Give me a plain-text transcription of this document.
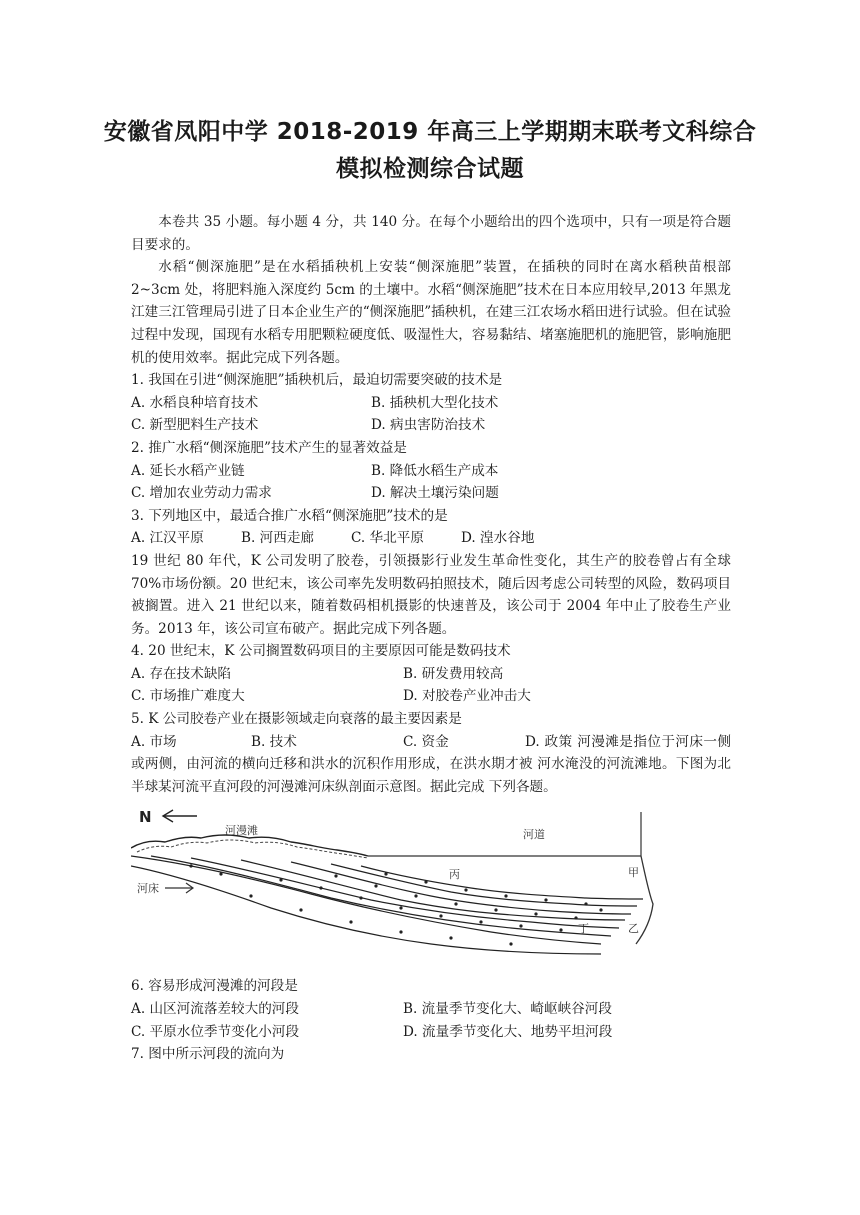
安徽省凤阳中学 2018-2019 年高三上学期期末联考文科综合
模拟检测综合试题

本卷共 35 小题。每小题 4 分，共 140 分。在每个小题给出的四个选项中，只有一项是符合题目要求的。

水稻“侧深施肥”是在水稻插秧机上安装“侧深施肥”装置，在插秧的同时在离水稻秧苗根部 2~3cm 处，将肥料施入深度约 5cm 的土壤中。水稻“侧深施肥”技术在日本应用较早,2013 年黑龙江建三江管理局引进了日本企业生产的“侧深施肥”插秧机，在建三江农场水稻田进行试验。但在试验过程中发现，国现有水稻专用肥颗粒硬度低、吸湿性大，容易黏结、堵塞施肥机的施肥管，影响施肥机的使用效率。据此完成下列各题。

1. 我国在引进“侧深施肥”插秧机后，最迫切需要突破的技术是

A. 水稻良种培育技术	B. 插秧机大型化技术
C. 新型肥料生产技术	D. 病虫害防治技术

2. 推广水稻“侧深施肥”技术产生的显著效益是

A. 延长水稻产业链	B. 降低水稻生产成本
C. 增加农业劳动力需求	D. 解决土壤污染问题

3. 下列地区中，最适合推广水稻“侧深施肥”技术的是

A. 江汉平原	B. 河西走廊	C. 华北平原	D. 湟水谷地

19 世纪 80 年代，K 公司发明了胶卷，引领摄影行业发生革命性变化，其生产的胶卷曾占有全球 70%市场份额。20 世纪末，该公司率先发明数码拍照技术，随后因考虑公司转型的风险，数码项目被搁置。进入 21 世纪以来，随着数码相机摄影的快速普及，该公司于 2004 年中止了胶卷生产业务。2013 年，该公司宣布破产。据此完成下列各题。

4. 20 世纪末，K 公司搁置数码项目的主要原因可能是数码技术

A. 存在技术缺陷	B. 研发费用较高
C. 市场推广难度大	D. 对胶卷产业冲击大

5. K 公司胶卷产业在摄影领域走向衰落的最主要因素是

A. 市场	B. 技术	C. 资金	D. 政策 河漫滩是指位于河床一侧或两侧，由河流的横向迁移和洪水的沉积作用形成，在洪水期才被 河水淹没的河流滩地。下图为北半球某河流平直河段的河漫滩河床纵剖面示意图。据此完成 下列各题。

N
河漫滩	河道
河床
丙	甲
丁	乙

6. 容易形成河漫滩的河段是

A. 山区河流落差较大的河段	B. 流量季节变化大、崎岖峡谷河段
C. 平原水位季节变化小河段	D. 流量季节变化大、地势平坦河段

7. 图中所示河段的流向为
